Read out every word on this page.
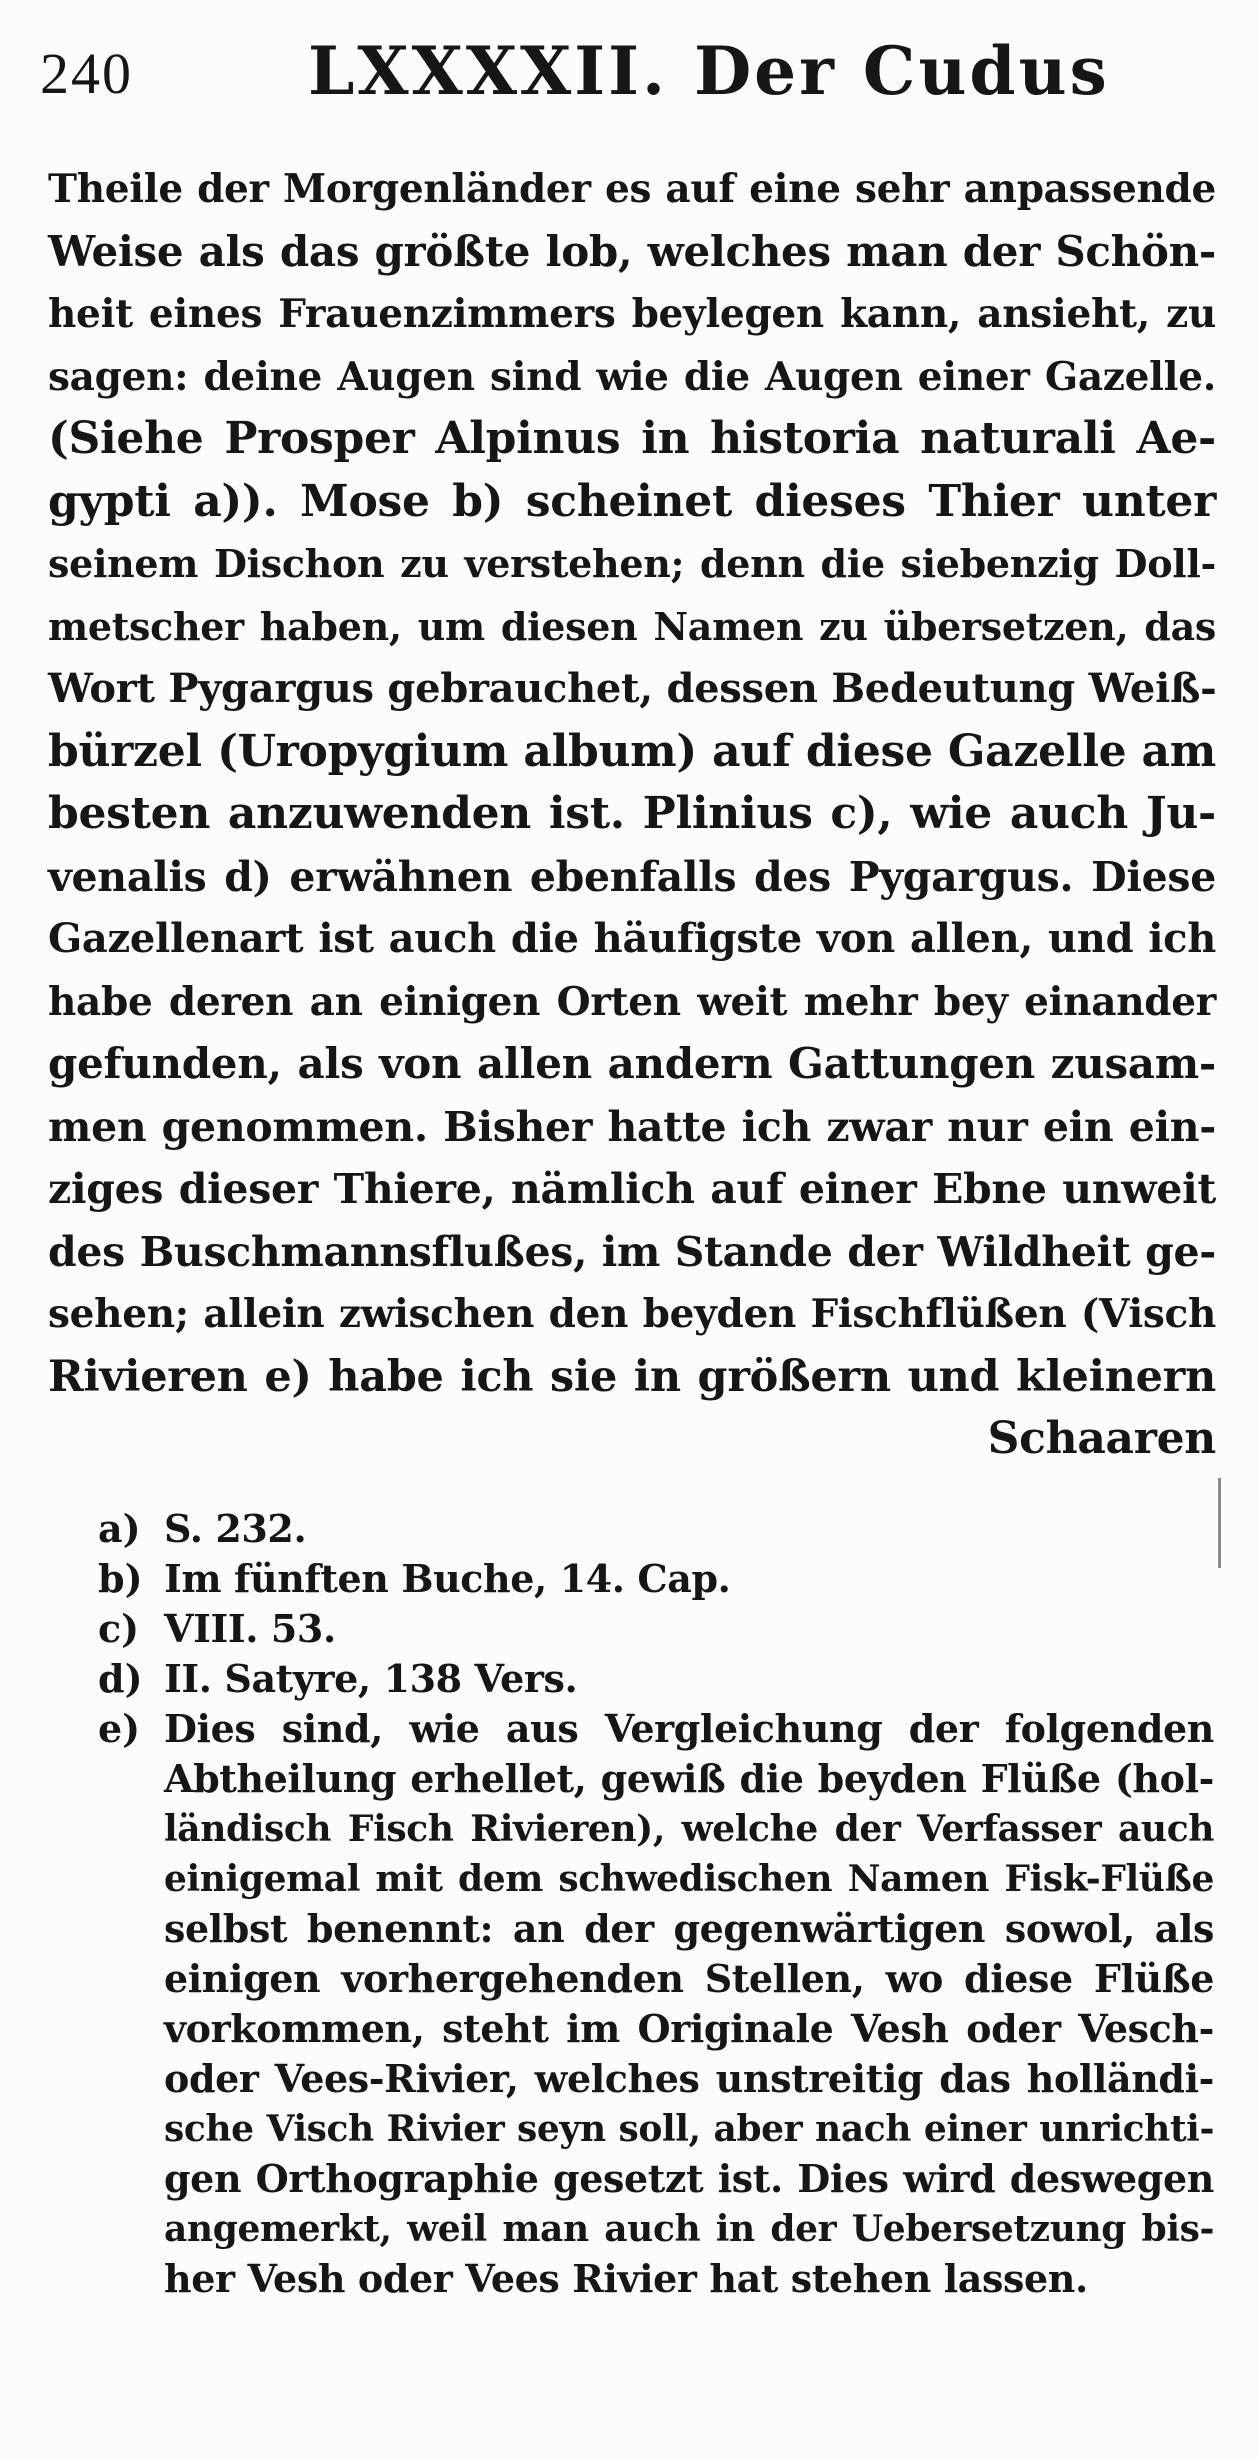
240	LXXXXII. Der Cudus
Theile der Morgenländer es auf eine sehr anpassende
Weise als das größte lob, welches man der Schön-
heit eines Frauenzimmers beylegen kann, ansieht, zu
sagen: deine Augen sind wie die Augen einer Gazelle.
(Siehe Prosper Alpinus in historia naturali Ae-
gypti a)). Mose b) scheinet dieses Thier unter
seinem Dischon zu verstehen; denn die siebenzig Doll-
metscher haben, um diesen Namen zu übersetzen, das
Wort Pygargus gebrauchet, dessen Bedeutung Weiß-
bürzel (Uropygium album) auf diese Gazelle am
besten anzuwenden ist. Plinius c), wie auch Ju-
venalis d) erwähnen ebenfalls des Pygargus. Diese
Gazellenart ist auch die häufigste von allen, und ich
habe deren an einigen Orten weit mehr bey einander
gefunden, als von allen andern Gattungen zusam-
men genommen. Bisher hatte ich zwar nur ein ein-
ziges dieser Thiere, nämlich auf einer Ebne unweit
des Buschmannsflußes, im Stande der Wildheit ge-
sehen; allein zwischen den beyden Fischflüßen (Visch
Rivieren e) habe ich sie in größern und kleinern
Schaaren
a) S. 232.
b) Im fünften Buche, 14. Cap.
c) VIII. 53.
d) II. Satyre, 138 Vers.
e) Dies sind, wie aus Vergleichung der folgenden
Abtheilung erhellet, gewiß die beyden Flüße (hol-
ländisch Fisch Rivieren), welche der Verfasser auch
einigemal mit dem schwedischen Namen Fisk-Flüße
selbst benennt: an der gegenwärtigen sowol, als
einigen vorhergehenden Stellen, wo diese Flüße
vorkommen, steht im Originale Vesh oder Vesch-
oder Vees-Rivier, welches unstreitig das holländi-
sche Visch Rivier seyn soll, aber nach einer unrichti-
gen Orthographie gesetzt ist. Dies wird deswegen
angemerkt, weil man auch in der Uebersetzung bis-
her Vesh oder Vees Rivier hat stehen lassen.
